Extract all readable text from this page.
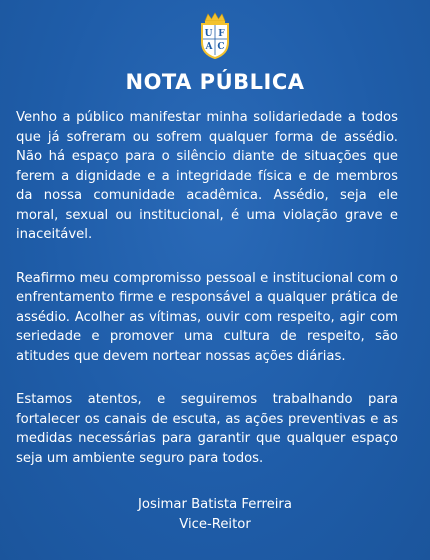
U F
A C
NOTA PÚBLICA

Venho a público manifestar minha solidariedade a todos que já sofreram ou sofrem qualquer forma de assédio. Não há espaço para o silêncio diante de situações que ferem a dignidade e a integridade física e de membros da nossa comunidade acadêmica. Assédio, seja ele moral, sexual ou institucional, é uma violação grave e inaceitável.

Reafirmo meu compromisso pessoal e institucional com o enfrentamento firme e responsável a qualquer prática de assédio. Acolher as vítimas, ouvir com respeito, agir com seriedade e promover uma cultura de respeito, são atitudes que devem nortear nossas ações diárias.

Estamos atentos, e seguiremos trabalhando para fortalecer os canais de escuta, as ações preventivas e as medidas necessárias para garantir que qualquer espaço seja um ambiente seguro para todos.

Josimar Batista Ferreira

Vice-Reitor
